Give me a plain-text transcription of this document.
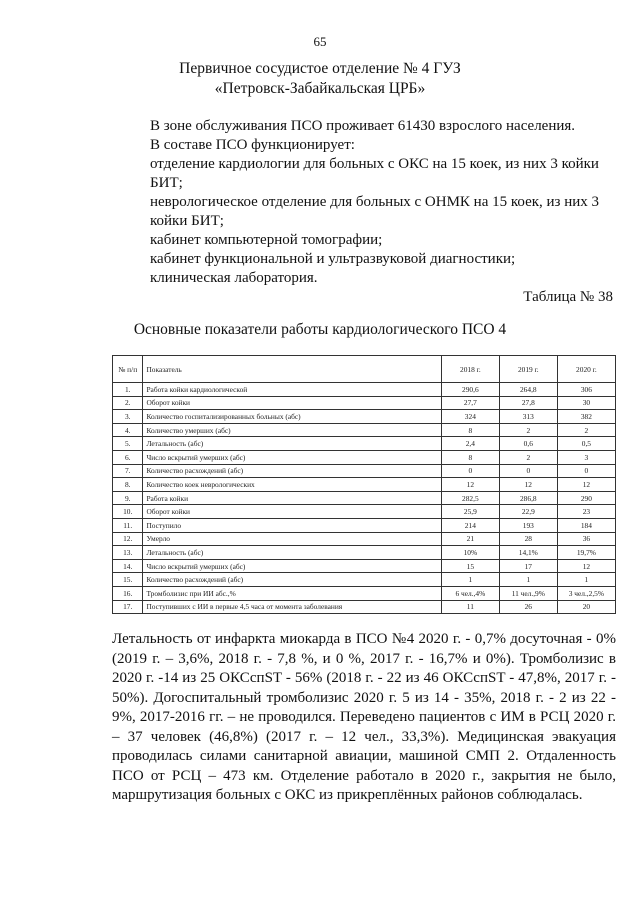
65
Первичное сосудистое отделение № 4 ГУЗ
«Петровск-Забайкальская ЦРБ»
В зоне обслуживания ПСО проживает 61430 взрослого населения.
В составе ПСО функционирует:
отделение кардиологии для больных с ОКС на 15 коек, из них 3 койки БИТ;
неврологическое отделение для больных с ОНМК на 15 коек, из них 3 койки БИТ;
кабинет компьютерной томографии;
кабинет функциональной и ультразвуковой диагностики;
клиническая лаборатория.
Таблица № 38
Основные показатели работы кардиологического ПСО 4
№ п/п	Показатель	2018 г.	2019 г.	2020 г.
1.	Работа койки кардиологической	290,6	264,8	306
2.	Оборот койки	27,7	27,8	30
3.	Количество госпитализированных больных (абс)	324	313	382
4.	Количество умерших (абс)	8	2	2
5.	Летальность (абс)	2,4	0,6	0,5
6.	Число вскрытий умерших (абс)	8	2	3
7.	Количество расхождений (абс)	0	0	0
8.	Количество коек неврологических	12	12	12
9.	Работа койки	282,5	286,8	290
10.	Оборот койки	25,9	22,9	23
11.	Поступило	214	193	184
12.	Умерло	21	28	36
13.	Летальность (абс)	10%	14,1%	19,7%
14.	Число вскрытий умерших (абс)	15	17	12
15.	Количество расхождений (абс)	1	1	1
16.	Тромболизис при ИИ абс.,%	6 чел.,4%	11 чел.,9%	3 чел.,2,5%
17.	Поступивших с ИИ в первые 4,5 часа от момента заболевания	11	26	20
Летальность от инфаркта миокарда в ПСО №4 2020 г. - 0,7% досуточная - 0% (2019 г. – 3,6%, 2018 г. - 7,8 %, и 0 %, 2017 г. - 16,7% и 0%). Тромболизис в 2020 г. -14 из 25 ОКСспST - 56% (2018 г. - 22 из 46 ОКСспST - 47,8%, 2017 г. - 50%). Догоспитальный тромболизис 2020 г. 5 из 14 - 35%, 2018 г. - 2 из 22 - 9%, 2017-2016 гг. – не проводился. Переведено пациентов с ИМ в РСЦ 2020 г. – 37 человек (46,8%) (2017 г. – 12 чел., 33,3%). Медицинская эвакуация проводилась силами санитарной авиации, машиной СМП 2. Отдаленность ПСО от РСЦ – 473 км. Отделение работало в 2020 г., закрытия не было, маршрутизация больных с ОКС из прикреплённых районов соблюдалась.
